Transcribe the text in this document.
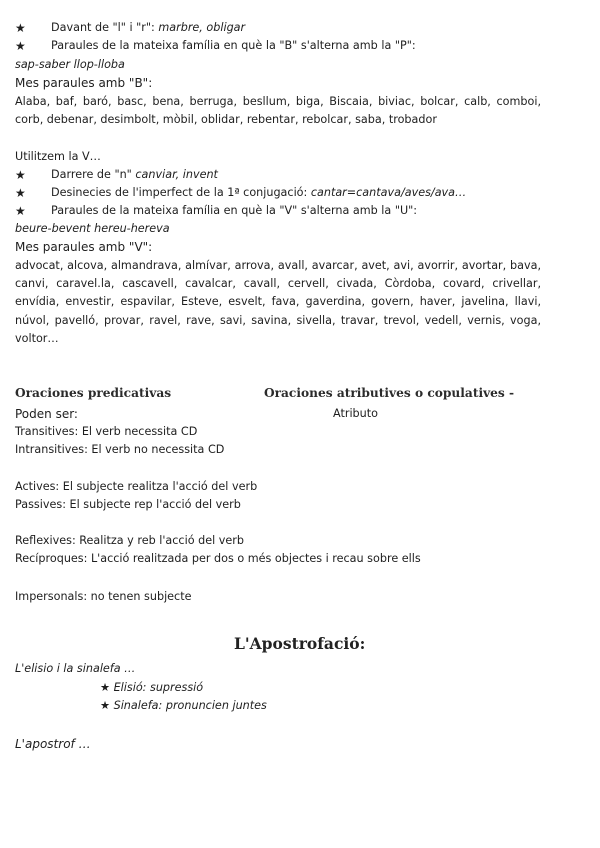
★ Davant de "l" i "r": marbre, obligar
★ Paraules de la mateixa família en què la "B" s'alterna amb la "P":
sap-saber llop-lloba
Mes paraules amb "B":
Alaba, baf, baró, basc, bena, berruga, besllum, biga, Biscaia, biviac, bolcar, calb, comboi, corb, debenar, desimbolt, mòbil, oblidar, rebentar, rebolcar, saba, trobador
Utilitzem la V…
★ Darrere de "n" canviar, invent
★ Desinecies de l'imperfect de la 1ª conjugació: cantar=cantava/aves/ava…
★ Paraules de la mateixa família en què la "V" s'alterna amb la "U":
beure-bevent hereu-hereva
Mes paraules amb "V":
advocat, alcova, almandrava, almívar, arrova, avall, avarcar, avet, avi, avorrir, avortar, bava, canvi, caravel.la, cascavell, cavalcar, cavall, cervell, civada, Còrdoba, covard, crivellar, envídia, envestir, espavilar, Esteve, esvelt, fava, gaverdina, govern, haver, javelina, llavi, núvol, pavelló, provar, ravel, rave, savi, savina, sivella, travar, trevol, vedell, vernis, voga, voltor…
Oraciones predicativas	Oraciones atributives o copulatives -
Poden ser:	Atributo
Transitives: El verb necessita CD
Intransitives: El verb no necessita CD
Actives: El subjecte realitza l'acció del verb
Passives: El subjecte rep l'acció del verb
Reflexives: Realitza y reb l'acció del verb
Recíproques: L'acció realitzada per dos o més objectes i recau sobre ells
Impersonals: no tenen subjecte
L'Apostrofació:
L'elisio i la sinalefa …
★ Elisió: supressió
★ Sinalefa: pronuncien juntes
L'apostrof …
